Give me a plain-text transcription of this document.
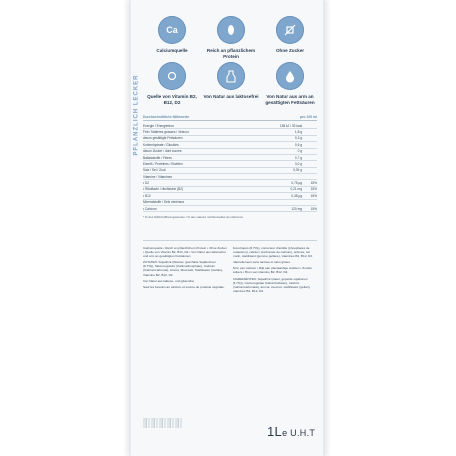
PFLANZLICH LECKER
Ca
Calciumquelle	Reich an pflanzlichem Protein
Ohne Zucker
Quelle von Vitamin B2, B12, D2
Von Natur aus laktosefrei	Von Natur aus arm an gesättigten Fettsäuren
Durchschnittliche Nährwerte	pro 100 ml
Energie / Energiebron	138 kJ / 33 kcal
Fett / Matières grasses / Vetzuur	1,8 g
davon gesättigte Fettsäuren	0,3 g
Kohlenhydrate / Glucides	0,6 g
davon Zucker / dont sucres	0 g
Ballaststoffe / Fibres	0,7 g
Eiweiß / Protéines / Eiwitten	3,0 g
Salz / Sel / Zout	0,09 g
Vitamine / Vitamines
• D2	0,75 µg	15%
• Riboflavin / riboflavine (B2)	0,21 mg	15%
• B12	0,38 µg	15%
Mineralstoffe / Sels minéraux
• Calcium	120 mg	15%
* % des Nährstoffbezugswertes / % des valeurs nutritionnelles de référence

Calciumquelle • Reich an pflanzlichem Protein • Ohne Zucker • Quelle von Vitamin B2, B12, D2 • Von Natur aus laktosefrei und arm an gesättigten Fettsäuren.

ZUTATEN: Sojadrink (Wasser, geschälte Sojabohnen (8,7%)), Säureregulator (Kaliumphosphate), Calcium (Calciumcarbonat), Aroma, Meersalz, Stabilisator (Gellan), Vitamine B2, B12, D2.

Von Natur aus laktose- und glutenfrei.

Sauf les besoins au calcium et source de protéine végétale.

décortiqués (8,7%)), correcteur d'acidité (phosphates de potassium), calcium (carbonate de calcium), arômes, sel marin, stabilisant (gomme gellane), vitamines B2, B12, D2.

Naturellement sans lactose et sans gluten.

Bron van calcium • Rijk aan plantaardige eiwitten • Zonder suikers • Bron van vitamine B2, B12, D2.

INGREDIËNTEN: Sojadrink (water, gepelde sojabonen (8,7%)), zuurteregelaar (kaliumfosfaten), calcium (calciumcarbonaat), aroma, zeezout, stabilisator (gellan), vitamines B2, B12, D2.

1Le U.H.T
